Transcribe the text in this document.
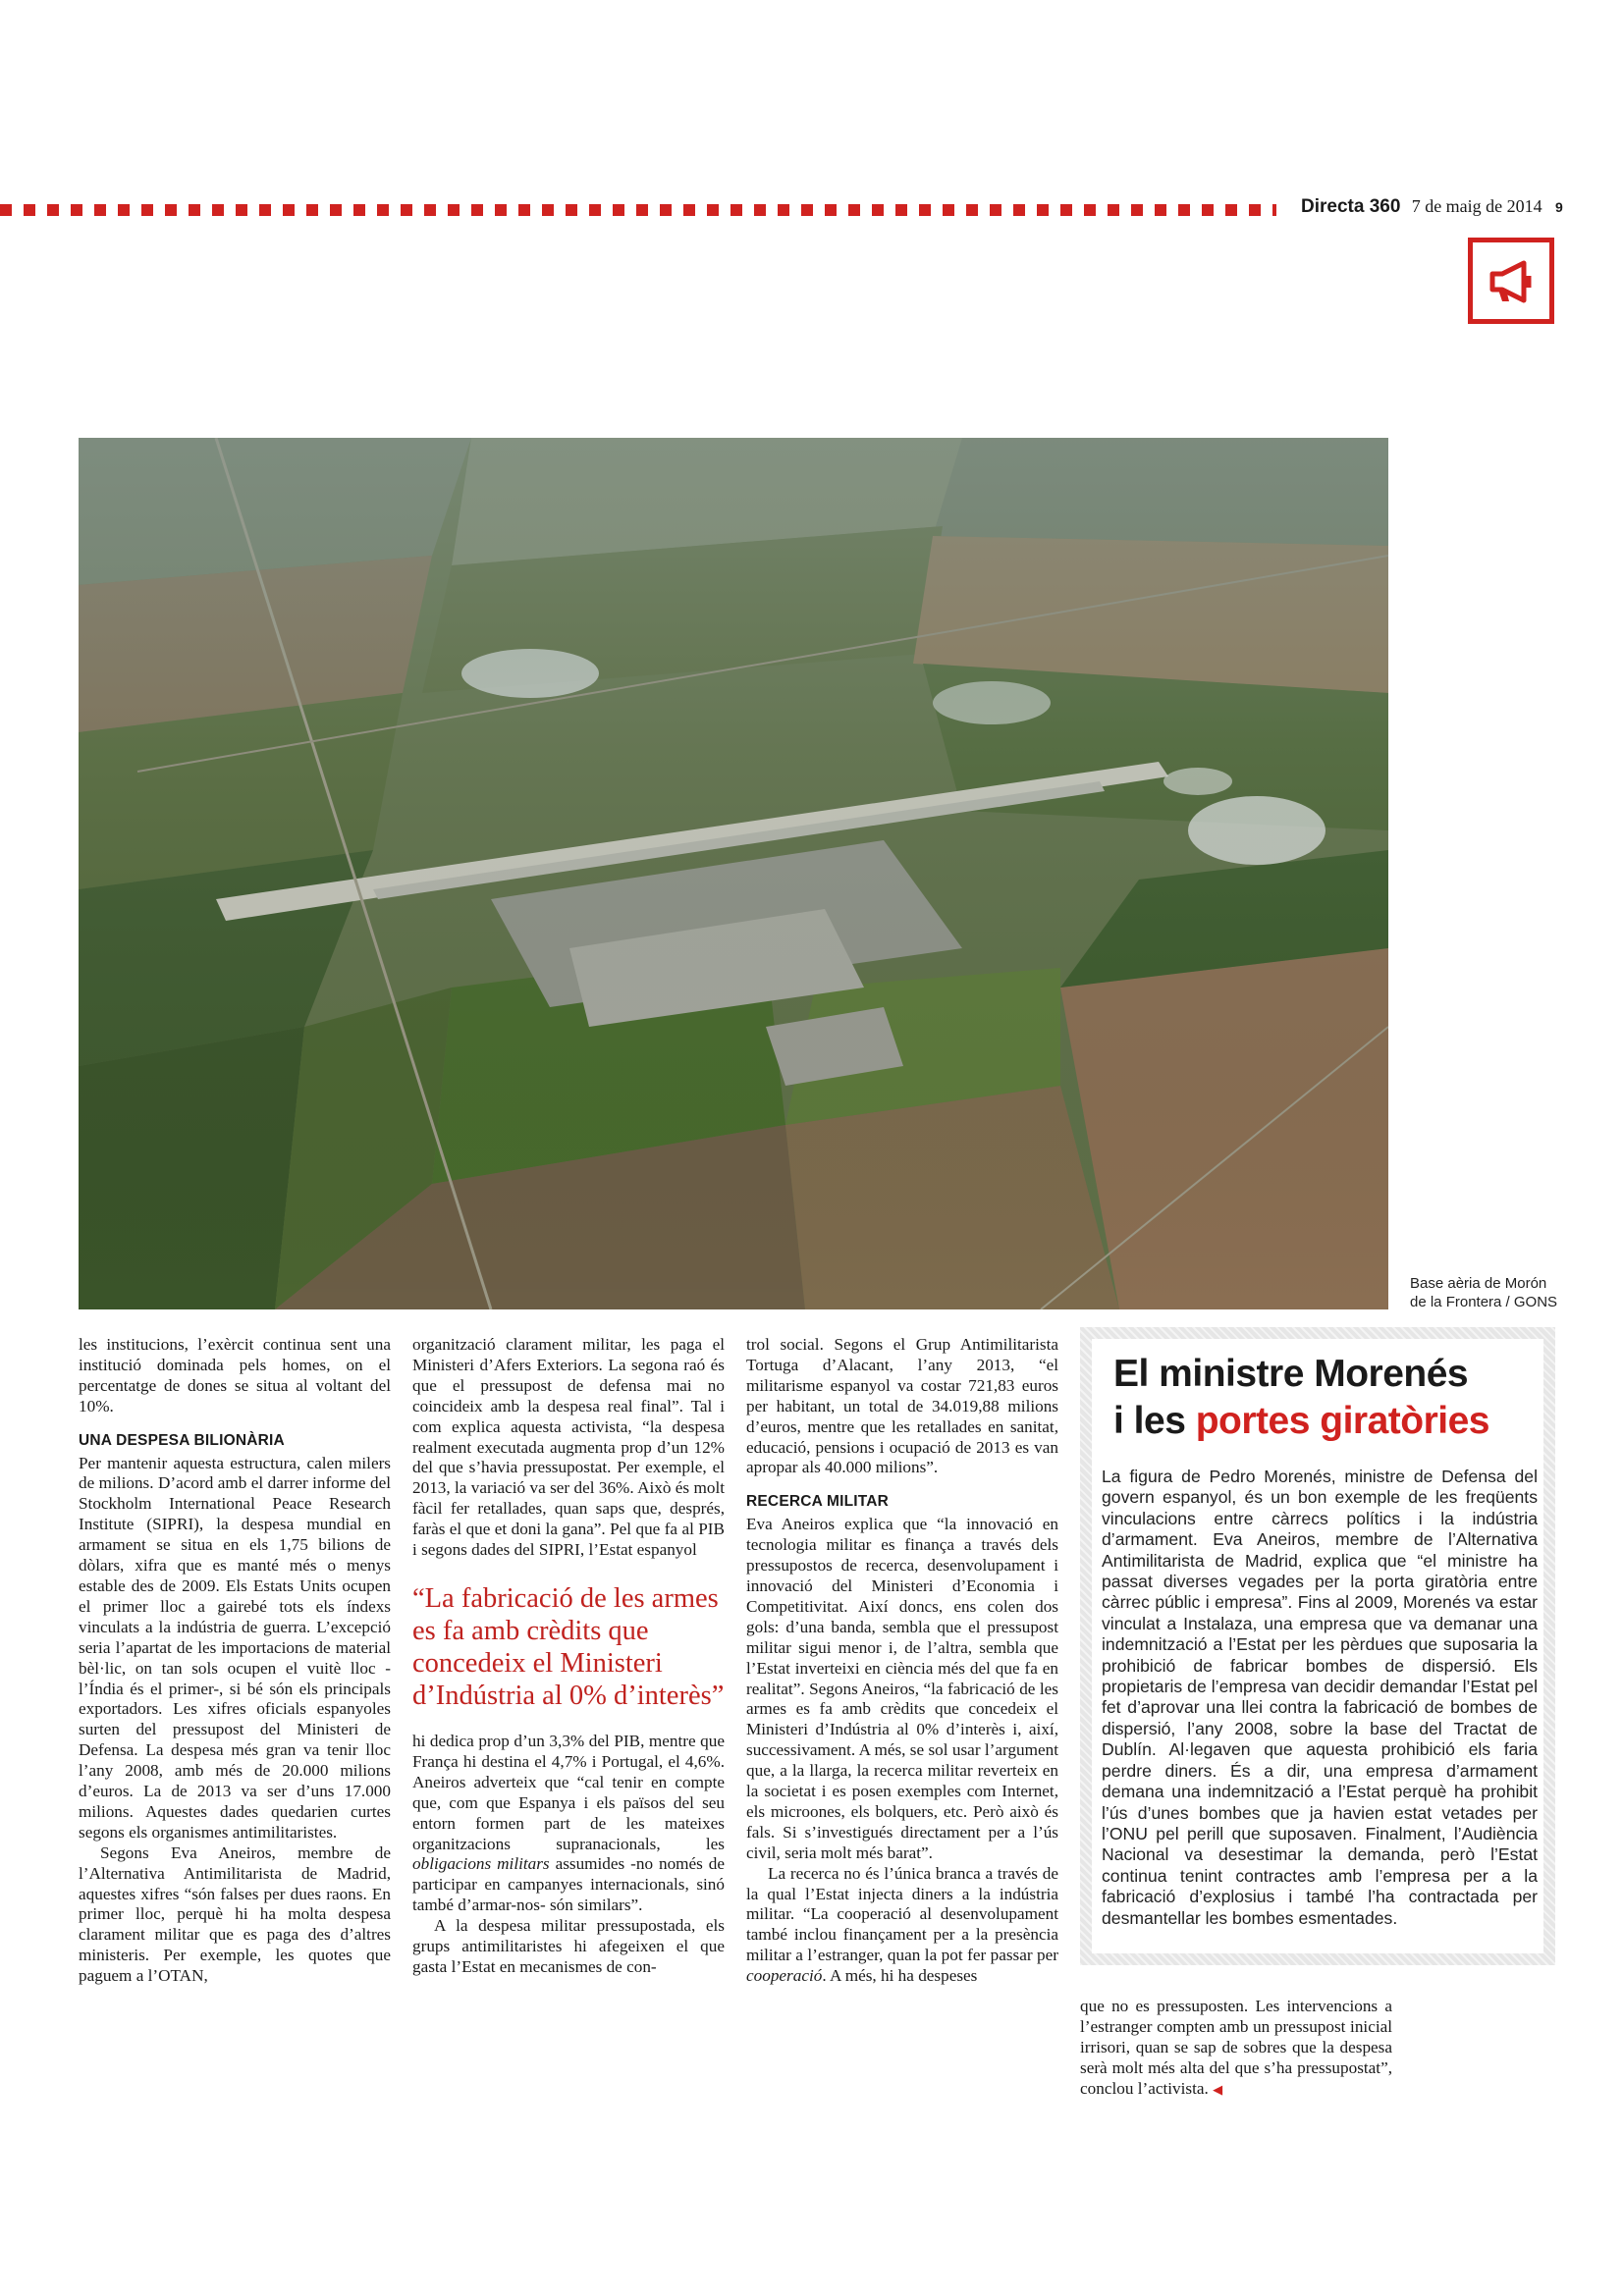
Directa 360 7 de maig de 2014 9
Base aèria de Morón
de la Frontera / GONS

les institucions, l’exèrcit continua sent una institució dominada pels homes, on el percentatge de dones se situa al voltant del 10%.

UNA DESPESA BILIONÀRIA

Per mantenir aquesta estructura, calen milers de milions. D’acord amb el darrer informe del Stockholm International Peace Research Institute (SIPRI), la despesa mundial en armament se situa en els 1,75 bilions de dòlars, xifra que es manté més o menys estable des de 2009. Els Estats Units ocupen el primer lloc a gairebé tots els índexs vinculats a la indústria de guerra. L’excepció seria l’apartat de les importacions de material bèl·lic, on tan sols ocupen el vuitè lloc -l’Índia és el primer-, si bé són els principals exportadors. Les xifres oficials espanyoles surten del pressupost del Ministeri de Defensa. La despesa més gran va tenir lloc l’any 2008, amb més de 20.000 milions d’euros. La de 2013 va ser d’uns 17.000 milions. Aquestes dades quedarien curtes segons els organismes antimilitaristes.

Segons Eva Aneiros, membre de l’Alternativa Antimilitarista de Madrid, aquestes xifres “són falses per dues raons. En primer lloc, perquè hi ha molta despesa clarament militar que es paga des d’altres ministeris. Per exemple, les quotes que paguem a l’OTAN,

organització clarament militar, les paga el Ministeri d’Afers Exteriors. La segona raó és que el pressupost de defensa mai no coincideix amb la despesa real final”. Tal i com explica aquesta activista, “la despesa realment executada augmenta prop d’un 12% del que s’havia pressupostat. Per exemple, el 2013, la variació va ser del 36%. Això és molt fàcil fer retallades, quan saps que, després, faràs el que et doni la gana”. Pel que fa al PIB i segons dades del SIPRI, l’Estat espanyol

“La fabricació de les armes es fa amb crèdits que concedeix el Ministeri d’Indústria al 0% d’interès”

hi dedica prop d’un 3,3% del PIB, mentre que França hi destina el 4,7% i Portugal, el 4,6%. Aneiros adverteix que “cal tenir en compte que, com que Espanya i els països del seu entorn formen part de les mateixes organitzacions supranacionals, les obligacions militars assumides -no només de participar en campanyes internacionals, sinó també d’armar-nos- són similars”.

A la despesa militar pressupostada, els grups antimilitaristes hi afegeixen el que gasta l’Estat en mecanismes de con-

trol social. Segons el Grup Antimilitarista Tortuga d’Alacant, l’any 2013, “el militarisme espanyol va costar 721,83 euros per habitant, un total de 34.019,88 milions d’euros, mentre que les retallades en sanitat, educació, pensions i ocupació de 2013 es van apropar als 40.000 milions”.

RECERCA MILITAR

Eva Aneiros explica que “la innovació en tecnologia militar es finança a través dels pressupostos de recerca, desenvolupament i innovació del Ministeri d’Economia i Competitivitat. Així doncs, ens colen dos gols: d’una banda, sembla que el pressupost militar sigui menor i, de l’altra, sembla que l’Estat inverteixi en ciència més del que fa en realitat”. Segons Aneiros, “la fabricació de les armes es fa amb crèdits que concedeix el Ministeri d’Indústria al 0% d’interès i, així, successivament. A més, se sol usar l’argument que, a la llarga, la recerca militar reverteix en la societat i es posen exemples com Internet, els microones, els bolquers, etc. Però això és fals. Si s’investigués directament per a l’ús civil, seria molt més barat”.

La recerca no és l’única branca a través de la qual l’Estat injecta diners a la indústria militar. “La cooperació al desenvolupament també inclou finançament per a la presència militar a l’estranger, quan la pot fer passar per cooperació. A més, hi ha despeses

El ministre Morenés
i les portes giratòries
La figura de Pedro Morenés, ministre de Defensa del govern espanyol, és un bon exemple de les freqüents vinculacions entre càrrecs polítics i la indústria d’armament. Eva Aneiros, membre de l’Alternativa Antimilitarista de Madrid, explica que “el ministre ha passat diverses vegades per la porta giratòria entre càrrec públic i empresa”. Fins al 2009, Morenés va estar vinculat a Instalaza, una empresa que va demanar una indemnització a l’Estat per les pèrdues que suposaria la prohibició de fabricar bombes de dispersió. Els propietaris de l’empresa van decidir demandar l’Estat pel fet d’aprovar una llei contra la fabricació de bombes de dispersió, l’any 2008, sobre la base del Tractat de Dublín. Al·legaven que aquesta prohibició els faria perdre diners. És a dir, una empresa d’armament demana una indemnització a l’Estat perquè ha prohibit l’ús d’unes bombes que ja havien estat vetades per l’ONU pel perill que suposaven. Finalment, l’Audiència Nacional va desestimar la demanda, però l’Estat continua tenint contractes amb l’empresa per a la fabricació d’explosius i també l’ha contractada per desmantellar les bombes esmentades.

que no es pressuposten. Les intervencions a l’estranger compten amb un pressupost inicial irrisori, quan se sap de sobres que la despesa serà molt més alta del que s’ha pressupostat”, conclou l’activista. ◀
